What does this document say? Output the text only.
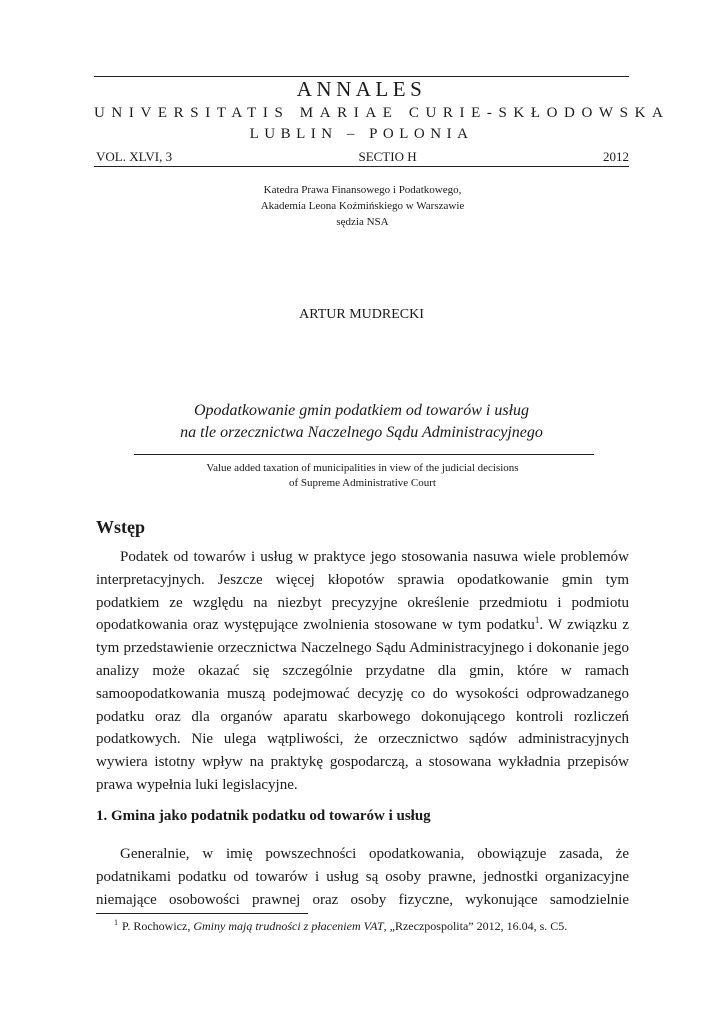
ANNALES
UNIVERSITATIS MARIAE CURIE-SKŁODOWSKA
LUBLIN – POLONIA
VOL. XLVI, 3	SECTIO H	2012
Katedra Prawa Finansowego i Podatkowego,
Akademia Leona Koźmińskiego w Warszawie
sędzia NSA
ARTUR MUDRECKI
Opodatkowanie gmin podatkiem od towarów i usług
na tle orzecznictwa Naczelnego Sądu Administracyjnego
Value added taxation of municipalities in view of the judicial decisions
of Supreme Administrative Court
Wstęp

Podatek od towarów i usług w praktyce jego stosowania nasuwa wiele problemów interpretacyjnych. Jeszcze więcej kłopotów sprawia opodatkowanie gmin tym podatkiem ze względu na niezbyt precyzyjne określenie przedmiotu i podmiotu opodatkowania oraz występujące zwolnienia stosowane w tym podatku$^1$. W związku z tym przedstawienie orzecznictwa Naczelnego Sądu Administracyjnego i dokonanie jego analizy może okazać się szczególnie przydatne dla gmin, które w ramach samoopodatkowania muszą podejmować decyzję co do wysokości odprowadzanego podatku oraz dla organów aparatu skarbowego dokonującego kontroli rozliczeń podatkowych. Nie ulega wątpliwości, że orzecznictwo sądów administracyjnych wywiera istotny wpływ na praktykę gospodarczą, a stosowana wykładnia przepisów prawa wypełnia luki legislacyjne.

1. Gmina jako podatnik podatku od towarów i usług

Generalnie, w imię powszechności opodatkowania, obowiązuje zasada, że podatnikami podatku od towarów i usług są osoby prawne, jednostki organizacyjne niemające osobowości prawnej oraz osoby fizyczne, wykonujące samodzielnie

$^1$ P. Rochowicz, Gminy mają trudności z płaceniem VAT, „Rzeczpospolita” 2012, 16.04, s. C5.
